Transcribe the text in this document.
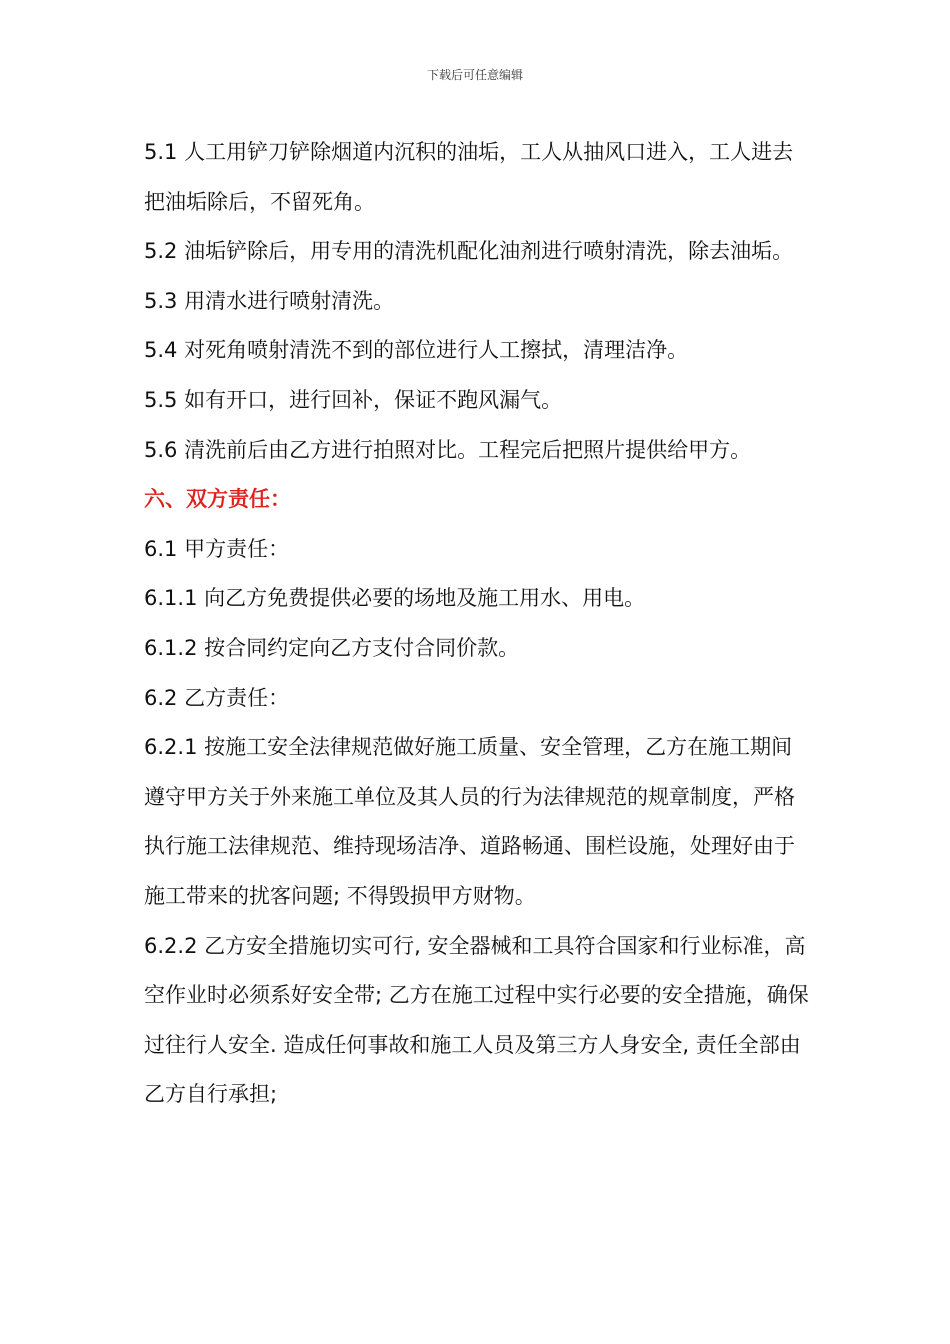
下载后可任意编辑

5.1 人工用铲刀铲除烟道内沉积的油垢，工人从抽风口进入，工人进去把油垢除后，不留死角。

5.2 油垢铲除后，用专用的清洗机配化油剂进行喷射清洗，除去油垢。

5.3 用清水进行喷射清洗。

5.4 对死角喷射清洗不到的部位进行人工擦拭，清理洁净。

5.5 如有开口，进行回补，保证不跑风漏气。

5.6 清洗前后由乙方进行拍照对比。工程完后把照片提供给甲方。

六、双方责任：

6.1 甲方责任：

6.1.1 向乙方免费提供必要的场地及施工用水、用电。

6.1.2 按合同约定向乙方支付合同价款。

6.2 乙方责任：

6.2.1 按施工安全法律规范做好施工质量、安全管理，乙方在施工期间遵守甲方关于外来施工单位及其人员的行为法律规范的规章制度，严格执行施工法律规范、维持现场洁净、道路畅通、围栏设施，处理好由于施工带来的扰客问题; 不得毁损甲方财物。

6.2.2 乙方安全措施切实可行, 安全器械和工具符合国家和行业标准，高空作业时必须系好安全带; 乙方在施工过程中实行必要的安全措施，确保过往行人安全. 造成任何事故和施工人员及第三方人身安全, 责任全部由乙方自行承担;
